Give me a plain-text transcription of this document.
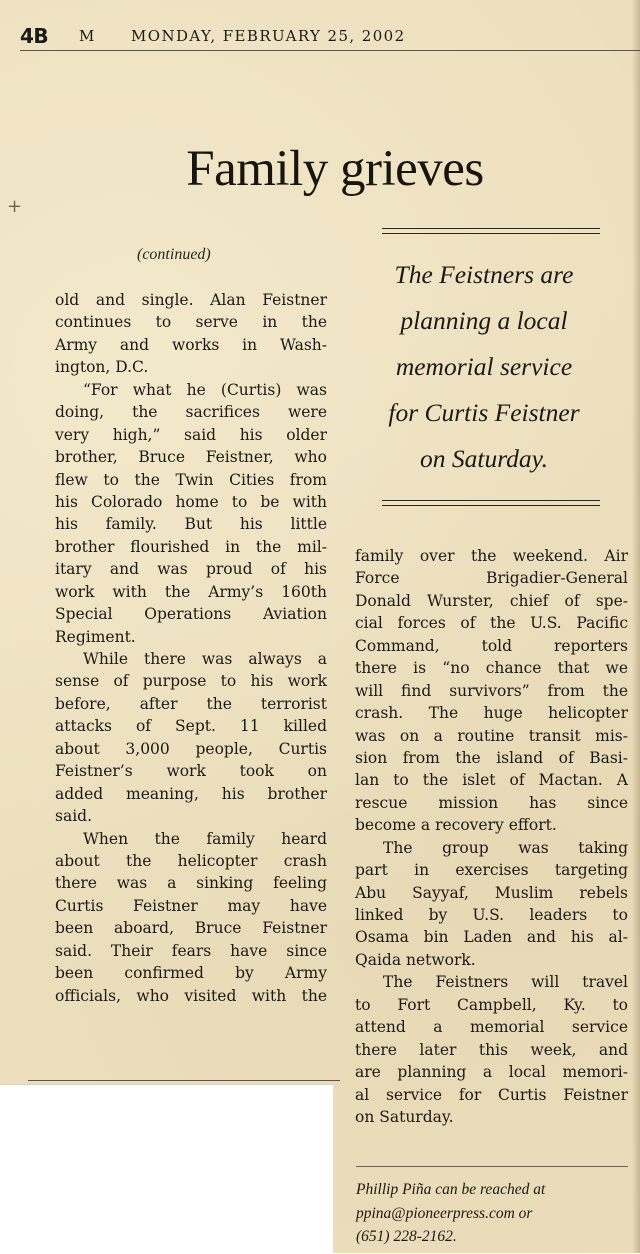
4B M MONDAY, FEBRUARY 25, 2002
Family grieves
+
(continued)
old and single. Alan Feistner
continues to serve in the
Army and works in Wash-
ington, D.C.
“For what he (Curtis) was
doing, the sacrifices were
very high,” said his older
brother, Bruce Feistner, who
flew to the Twin Cities from
his Colorado home to be with
his family. But his little
brother flourished in the mil-
itary and was proud of his
work with the Army’s 160th
Special Operations Aviation
Regiment.
While there was always a
sense of purpose to his work
before, after the terrorist
attacks of Sept. 11 killed
about 3,000 people, Curtis
Feistner’s work took on
added meaning, his brother
said.
When the family heard
about the helicopter crash
there was a sinking feeling
Curtis Feistner may have
been aboard, Bruce Feistner
said. Their fears have since
been confirmed by Army
officials, who visited with the
The Feistners are
planning a local
memorial service
for Curtis Feistner
on Saturday.
family over the weekend. Air
Force Brigadier-General
Donald Wurster, chief of spe-
cial forces of the U.S. Pacific
Command, told reporters
there is “no chance that we
will find survivors” from the
crash. The huge helicopter
was on a routine transit mis-
sion from the island of Basi-
lan to the islet of Mactan. A
rescue mission has since
become a recovery effort.
The group was taking
part in exercises targeting
Abu Sayyaf, Muslim rebels
linked by U.S. leaders to
Osama bin Laden and his al-
Qaida network.
The Feistners will travel
to Fort Campbell, Ky. to
attend a memorial service
there later this week, and
are planning a local memori-
al service for Curtis Feistner
on Saturday.
Phillip Piña can be reached at
ppina@pioneerpress.com or
(651) 228-2162.
